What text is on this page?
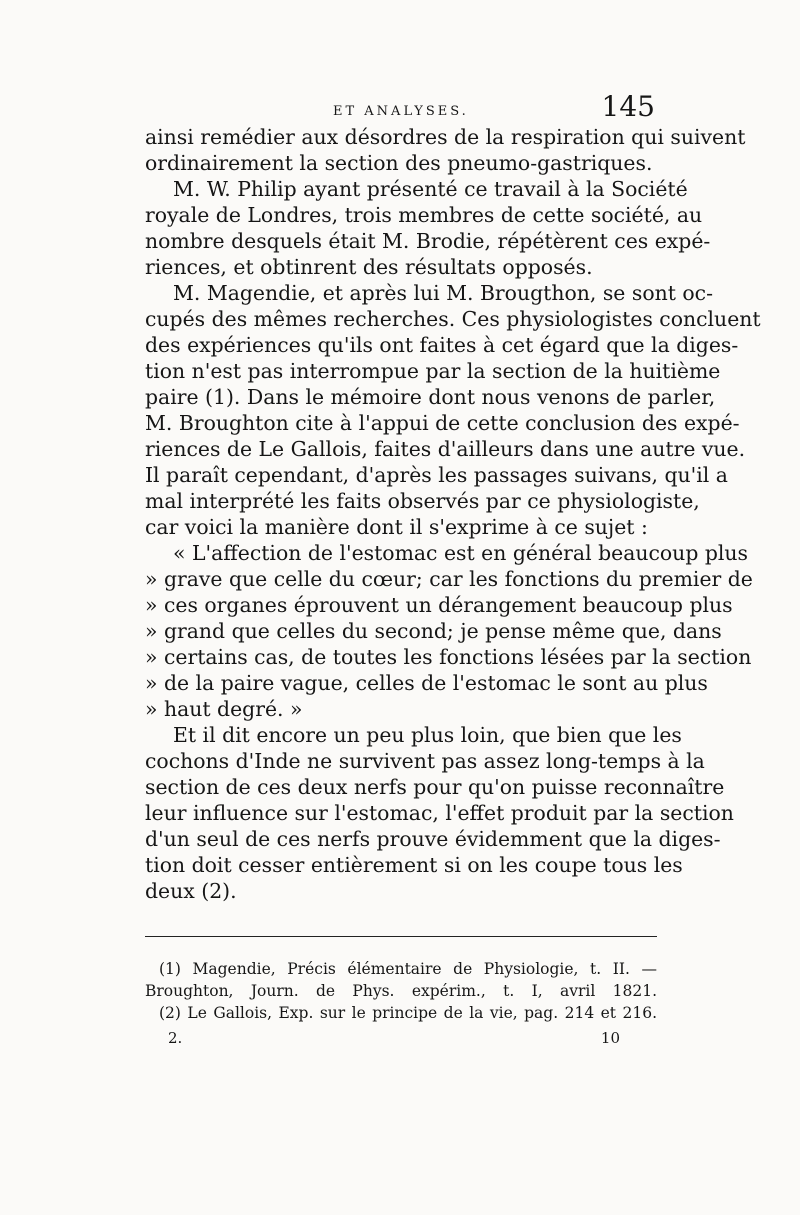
ET ANALYSES.	145
ainsi remédier aux désordres de la respiration qui suivent
ordinairement la section des pneumo-gastriques.
M. W. Philip ayant présenté ce travail à la Société
royale de Londres, trois membres de cette société, au
nombre desquels était M. Brodie, répétèrent ces expé-
riences, et obtinrent des résultats opposés.
M. Magendie, et après lui M. Brougthon, se sont oc-
cupés des mêmes recherches. Ces physiologistes concluent
des expériences qu'ils ont faites à cet égard que la diges-
tion n'est pas interrompue par la section de la huitième
paire (1). Dans le mémoire dont nous venons de parler,
M. Broughton cite à l'appui de cette conclusion des expé-
riences de Le Gallois, faites d'ailleurs dans une autre vue.
Il paraît cependant, d'après les passages suivans, qu'il a
mal interprété les faits observés par ce physiologiste,
car voici la manière dont il s'exprime à ce sujet :
« L'affection de l'estomac est en général beaucoup plus
» grave que celle du cœur; car les fonctions du premier de
» ces organes éprouvent un dérangement beaucoup plus
» grand que celles du second; je pense même que, dans
» certains cas, de toutes les fonctions lésées par la section
» de la paire vague, celles de l'estomac le sont au plus
» haut degré. »
Et il dit encore un peu plus loin, que bien que les
cochons d'Inde ne survivent pas assez long-temps à la
section de ces deux nerfs pour qu'on puisse reconnaître
leur influence sur l'estomac, l'effet produit par la section
d'un seul de ces nerfs prouve évidemment que la diges-
tion doit cesser entièrement si on les coupe tous les
deux (2).
(1) Magendie, Précis élémentaire de Physiologie, t. II. —
Broughton, Journ. de Phys. expérim., t. I, avril 1821.
(2) Le Gallois, Exp. sur le principe de la vie, pag. 214 et 216.
2.	10
